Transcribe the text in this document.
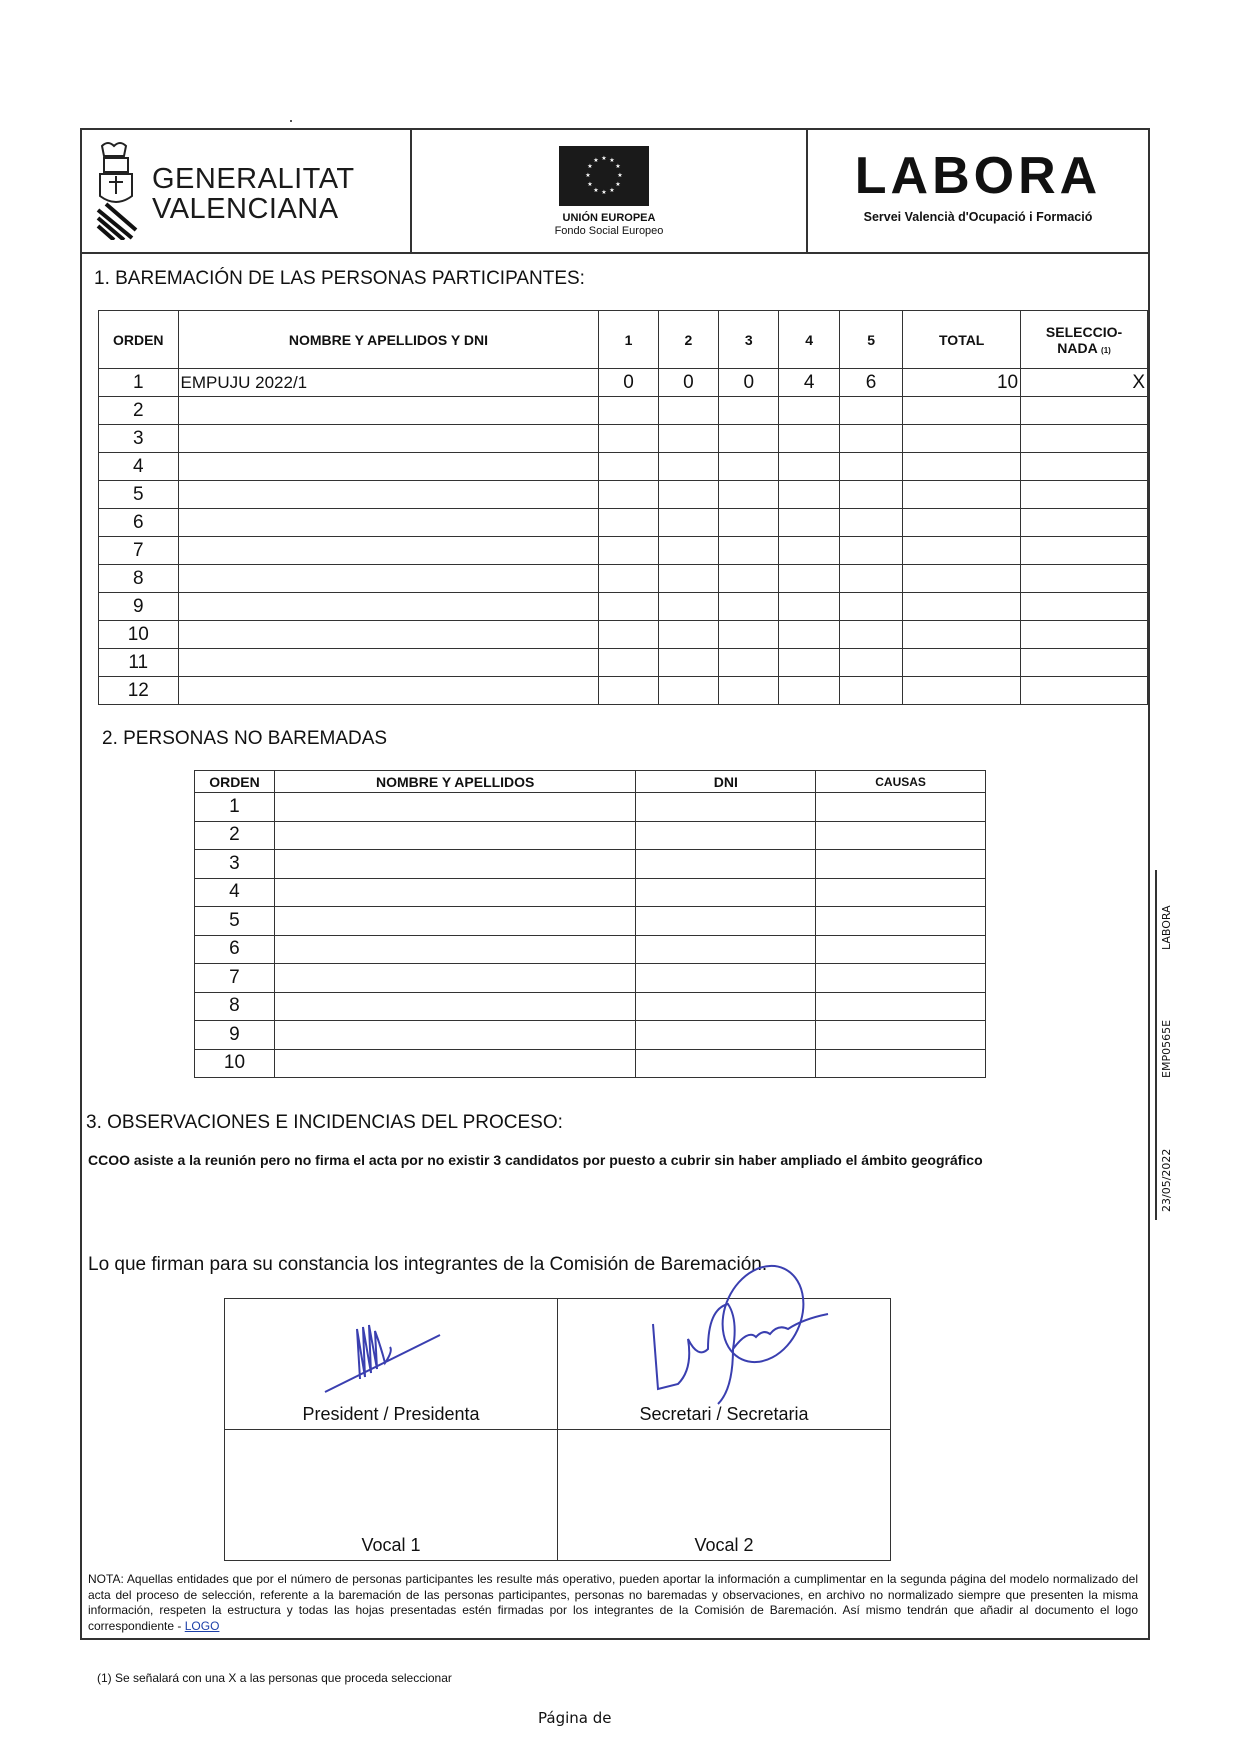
GENERALITAT
VALENCIANA
★ ★
★
★
★
★
★
★
★
★
★
★
UNIÓN EUROPEA
Fondo Social Europeo
LABORA
Servei Valencià d'Ocupació i Formació
1. BAREMACIÓN DE LAS PERSONAS PARTICIPANTES:
ORDEN	NOMBRE Y APELLIDOS Y DNI	1	2	3	4	5	TOTAL	SELECCIO-
NADA (1)
1	EMPUJU 2022/1	0	0	0	4	6	10	X
2								
3								
4								
5								
6								
7								
8								
9								
10								
11								
12								
2. PERSONAS NO BAREMADAS
ORDEN	NOMBRE Y APELLIDOS	DNI	CAUSAS
1			
2			
3			
4			
5			
6			
7			
8			
9			
10			
3. OBSERVACIONES E INCIDENCIAS DEL PROCESO:
CCOO asiste a la reunión pero no firma el acta por no existir 3 candidatos por puesto a cubrir sin haber ampliado el ámbito geográfico
Lo que firman para su constancia los integrantes de la Comisión de Baremación.
President / Presidenta	Secretari / Secretaria
Vocal 1	Vocal 2
NOTA: Aquellas entidades que por el número de personas participantes les resulte más operativo, pueden aportar la información a cumplimentar en la segunda página del modelo normalizado del acta del proceso de selección, referente a la baremación de las personas participantes, personas no baremadas y observaciones, en archivo no normalizado siempre que presenten la misma información, respeten la estructura y todas las hojas presentadas estén firmadas por los integrantes de la Comisión de Baremación. Así mismo tendrán que añadir al documento el logo correspondiente - LOGO
(1) Se señalará con una X a las personas que proceda seleccionar
Página de
LABORA
EMP0565E
23/05/2022
